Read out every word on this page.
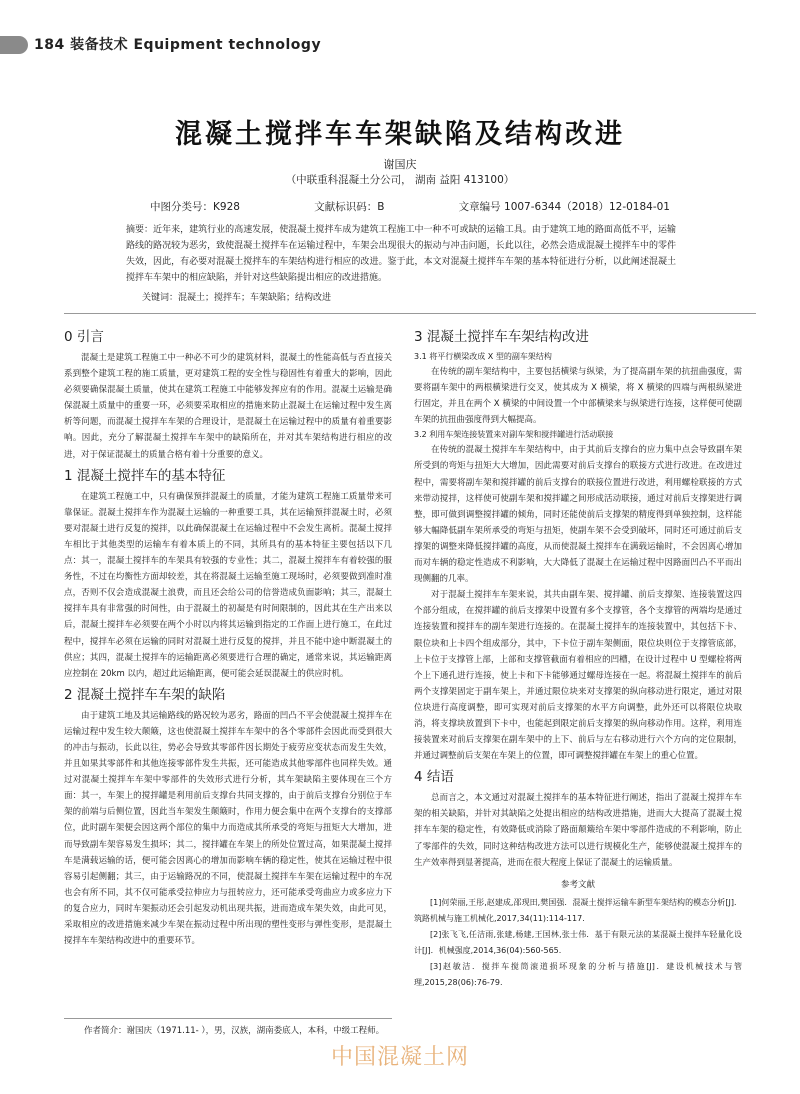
184 装备技术 Equipment technology
混凝土搅拌车车架缺陷及结构改进
谢国庆
（中联重科混凝土分公司， 湖南 益阳 413100）
中图分类号：K928	文献标识码：B	文章编号 1007-6344（2018）12-0184-01

摘要：近年来，建筑行业的高速发展，使混凝土搅拌车成为建筑工程施工中一种不可或缺的运输工具。由于建筑工地的路面高低不平，运输路线的路况较为恶劣，致使混凝土搅拌车在运输过程中，车架会出现很大的振动与冲击问题，长此以往，必然会造成混凝土搅拌车中的零件失效，因此，有必要对混凝土搅拌车的车架结构进行相应的改进。鉴于此，本文对混凝土搅拌车车架的基本特征进行分析，以此阐述混凝土搅拌车车架中的相应缺陷，并针对这些缺陷提出相应的改进措施。

关键词：混凝土；搅拌车；车架缺陷；结构改进
0 引言

混凝土是建筑工程施工中一种必不可少的建筑材料，混凝土的性能高低与否直接关系到整个建筑工程的施工质量，更对建筑工程的安全性与稳固性有着重大的影响，因此必须要确保混凝土质量，使其在建筑工程施工中能够发挥应有的作用。混凝土运输是确保混凝土质量中的重要一环，必须要采取相应的措施来防止混凝土在运输过程中发生离析等问题，而混凝土搅拌车车架的合理设计，是混凝土在运输过程中的质量有着重要影响。因此，充分了解混凝土搅拌车车架中的缺陷所在，并对其车架结构进行相应的改进，对于保证混凝土的质量合格有着十分重要的意义。

1 混凝土搅拌车的基本特征

在建筑工程施工中，只有确保预拌混凝土的质量，才能为建筑工程施工质量带来可靠保证。混凝土搅拌车作为混凝土运输的一种重要工具，其在运输预拌混凝土时，必须要对混凝土进行反复的搅拌，以此确保混凝土在运输过程中不会发生离析。混凝土搅拌车相比于其他类型的运输车有着本质上的不同，其所具有的基本特征主要包括以下几点：其一，混凝土搅拌车的车架具有较强的专业性；其二，混凝土搅拌车有着较强的服务性，不过在均衡性方面却较差，其在将混凝土运输至施工现场时，必须要做到准时准点，否则不仅会造成混凝土浪费，而且还会给公司的信誉造成负面影响；其三，混凝土搅拌车具有非常强的时间性，由于混凝土的初凝是有时间限制的，因此其在生产出来以后，混凝土搅拌车必须要在两个小时以内将其运输到指定的工作面上进行施工，在此过程中，搅拌车必须在运输的同时对混凝土进行反复的搅拌，并且不能中途中断混凝土的供应；其四，混凝土搅拌车的运输距离必须要进行合理的确定，通常来说，其运输距离应控制在 20km 以内，超过此运输距离，便可能会延误混凝土的供应时机。

2 混凝土搅拌车车架的缺陷

由于建筑工地及其运输路线的路况较为恶劣，路面的凹凸不平会使混凝土搅拌车在运输过程中发生较大颠簸，这也使混凝土搅拌车车架中的各个零部件会因此而受到很大的冲击与振动，长此以往，势必会导致其零部件因长期处于疲劳应变状态而发生失效，并且如果其零部件和其他连接零部件发生共振，还可能造成其他零部件也同样失效。通过对混凝土搅拌车车架中零部件的失效形式进行分析，其车架缺陷主要体现在三个方面：其一，车架上的搅拌罐是利用前后支撑台共同支撑的，由于前后支撑台分别位于车架的前端与后侧位置，因此当车架发生颠簸时，作用力便会集中在两个支撑台的支撑部位，此时副车架便会因这两个部位的集中力而造成其所承受的弯矩与扭矩大大增加，进而导致副车架容易发生损坏；其二，搅拌罐在车架上的所处位置过高，如果混凝土搅拌车是满载运输的话，便可能会因离心的增加而影响车辆的稳定性，使其在运输过程中很容易引起侧翻；其三，由于运输路况的不同，使混凝土搅拌车车架在运输过程中的车况也会有所不同，其不仅可能承受拉伸应力与扭转应力，还可能承受弯曲应力或多应力下的复合应力，同时车架振动还会引起发动机出现共振，进而造成车架失效，由此可见，采取相应的改进措施来减少车架在振动过程中所出现的塑性变形与弹性变形，是混凝土搅拌车车架结构改进中的重要环节。

3 混凝土搅拌车车架结构改进
3.1 将平行横梁改成 X 型的副车架结构

在传统的副车架结构中，主要包括横梁与纵梁，为了提高副车架的抗扭曲强度，需要将副车架中的两根横梁进行交叉，使其成为 X 横梁，将 X 横梁的四端与两根纵梁进行固定，并且在两个 X 横梁的中间设置一个中部横梁来与纵梁进行连接，这样便可使副车架的抗扭曲强度得到大幅提高。

3.2 利用车架连接装置来对副车架和搅拌罐进行活动联接

在传统的混凝土搅拌车车架结构中，由于其前后支撑台的应力集中点会导致副车架所受到的弯矩与扭矩大大增加，因此需要对前后支撑台的联接方式进行改进。在改进过程中，需要将副车架和搅拌罐的前后支撑台的联接位置进行改进，利用螺栓联接的方式来带动搅拌，这样使可使副车架和搅拌罐之间形成活动联接，通过对前后支撑架进行调整，即可做到调整搅拌罐的倾角，同时还能使前后支撑架的精度得到单独控制，这样能够大幅降低副车架所承受的弯矩与扭矩，使副车架不会受到破坏，同时还可通过前后支撑架的调整来降低搅拌罐的高度，从而使混凝土搅拌车在满载运输时，不会因离心增加而对车辆的稳定性造成不利影响，大大降低了混凝土在运输过程中因路面凹凸不平而出现侧翻的几率。

对于混凝土搅拌车车架来说，其共由副车架、搅拌罐、前后支撑架、连接装置这四个部分组成，在搅拌罐的前后支撑架中设置有多个支撑管，各个支撑管的两端均是通过连接装置和搅拌车的副车架进行连接的。在混凝土搅拌车的连接装置中，其包括下卡、限位块和上卡四个组成部分，其中，下卡位于副车架侧面，限位块则位于支撑管底部，上卡位于支撑管上部，上部和支撑管截面有着相应的凹槽，在设计过程中 U 型螺栓将两个上下通孔进行连接，使上卡和下卡能够通过螺母连接在一起。将混凝土搅拌车的前后两个支撑架固定于副车架上，并通过限位块来对支撑架的纵向移动进行限定，通过对限位块进行高度调整，即可实现对前后支撑架的水平方向调整，此外还可以将限位块取消，将支撑块放置到下卡中，也能起到限定前后支撑架的纵向移动作用。这样，利用连接装置来对前后支撑架在副车架中的上下、前后与左右移动进行六个方向的定位限制，并通过调整前后支架在车架上的位置，即可调整搅拌罐在车架上的重心位置。

4 结语

总而言之，本文通过对混凝土搅拌车的基本特征进行阐述，指出了混凝土搅拌车车架的相关缺陷，并针对其缺陷之处提出相应的结构改进措施，进而大大提高了混凝土搅拌车车架的稳定性，有效降低或消除了路面颠簸给车架中零部件造成的不利影响，防止了零部件的失效，同时这种结构改进方法可以进行规模化生产，能够使混凝土搅拌车的生产效率得到显著提高，进而在很大程度上保证了混凝土的运输质量。

参考文献

[1]何荣丽,王彤,赵建成,邵现田,樊国强．混凝土搅拌运输车新型车架结构的模态分析[J]．筑路机械与施工机械化,2017,34(11):114-117.

[2]张飞飞,任洁雨,张建,杨建,王国林,张士伟．基于有限元法的某混凝土搅拌车轻量化设计[J]．机械强度,2014,36(04):560-565.

[3]赵敏洁．搅拌车搅筒滚道损坏现象的分析与措施[J]．建设机械技术与管理,2015,28(06):76-79.

作者简介：谢国庆（1971.11- ），男，汉族，湖南娄底人，本科，中级工程师。
中国混凝土网
